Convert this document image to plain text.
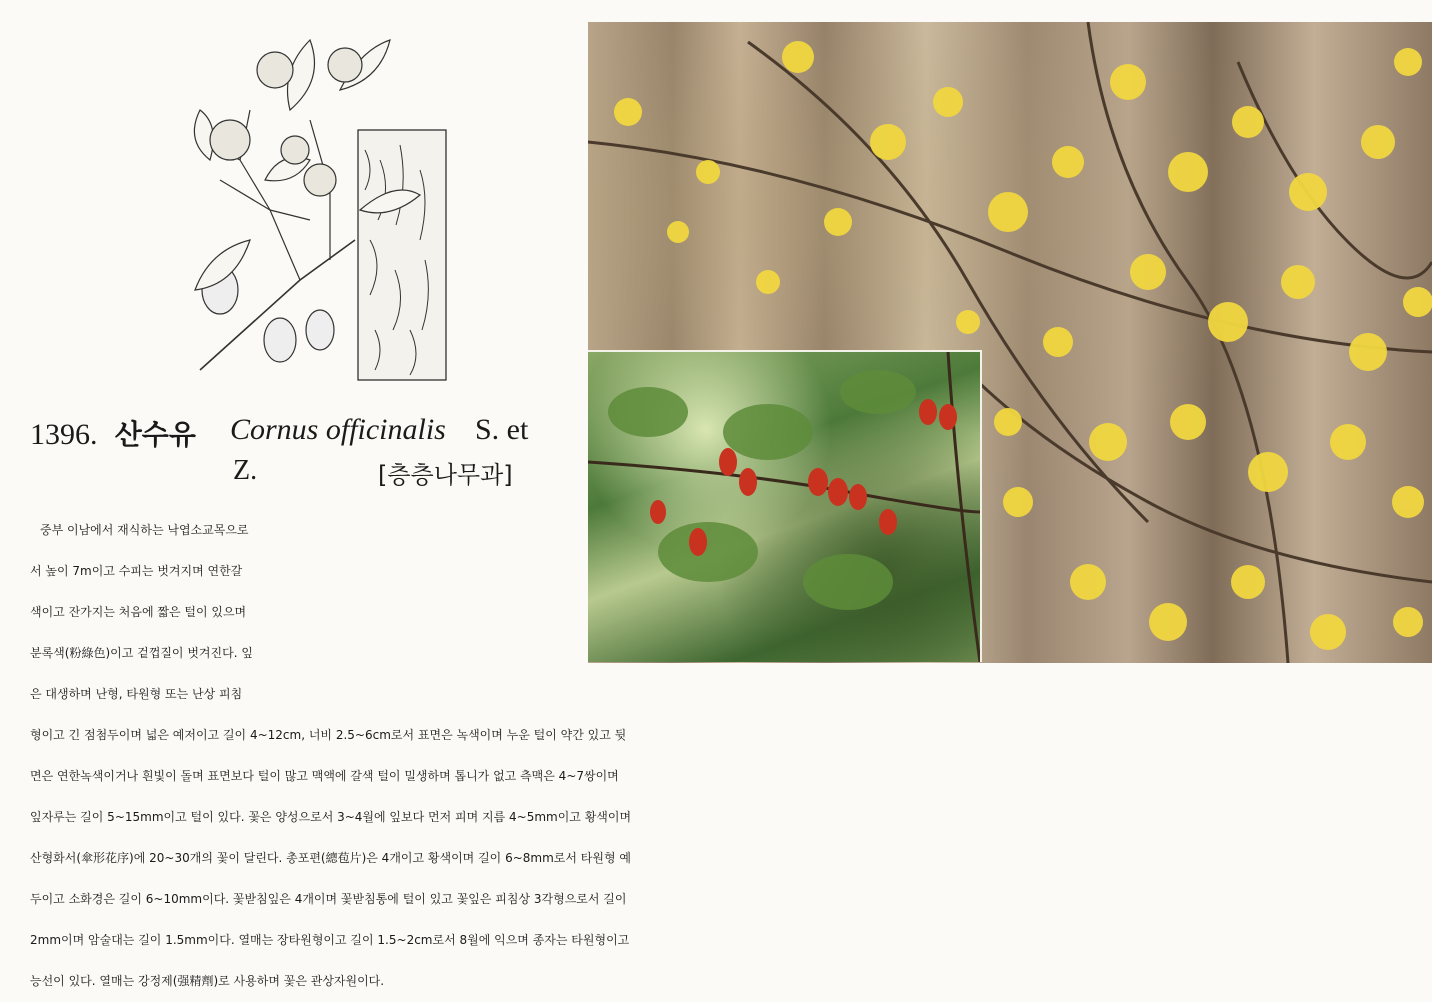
1396. 산수유 Cornus officinalis S. et
Z.	[층층나무과]
중부 이남에서 재식하는 낙엽소교목으로
서 높이 7m이고 수피는 벗겨지며 연한갈
색이고 잔가지는 처음에 짧은 털이 있으며
분록색(粉綠色)이고 겉껍질이 벗겨진다. 잎
은 대생하며 난형, 타원형 또는 난상 피침
형이고 긴 점첨두이며 넓은 예저이고 길이 4~12cm, 너비 2.5~6cm로서 표면은 녹색이며 누운 털이 약간 있고 뒷
면은 연한녹색이거나 흰빛이 돌며 표면보다 털이 많고 맥액에 갈색 털이 밀생하며 톱니가 없고 측맥은 4~7쌍이며
잎자루는 길이 5~15mm이고 털이 있다. 꽃은 양성으로서 3~4월에 잎보다 먼저 피며 지름 4~5mm이고 황색이며
산형화서(傘形花序)에 20~30개의 꽃이 달린다. 총포편(總苞片)은 4개이고 황색이며 길이 6~8mm로서 타원형 예
두이고 소화경은 길이 6~10mm이다. 꽃받침잎은 4개이며 꽃받침통에 털이 있고 꽃잎은 피침상 3각형으로서 길이
2mm이며 암술대는 길이 1.5mm이다. 열매는 장타원형이고 길이 1.5~2cm로서 8월에 익으며 종자는 타원형이고
능선이 있다. 열매는 강정제(强精劑)로 사용하며 꽃은 관상자원이다.
